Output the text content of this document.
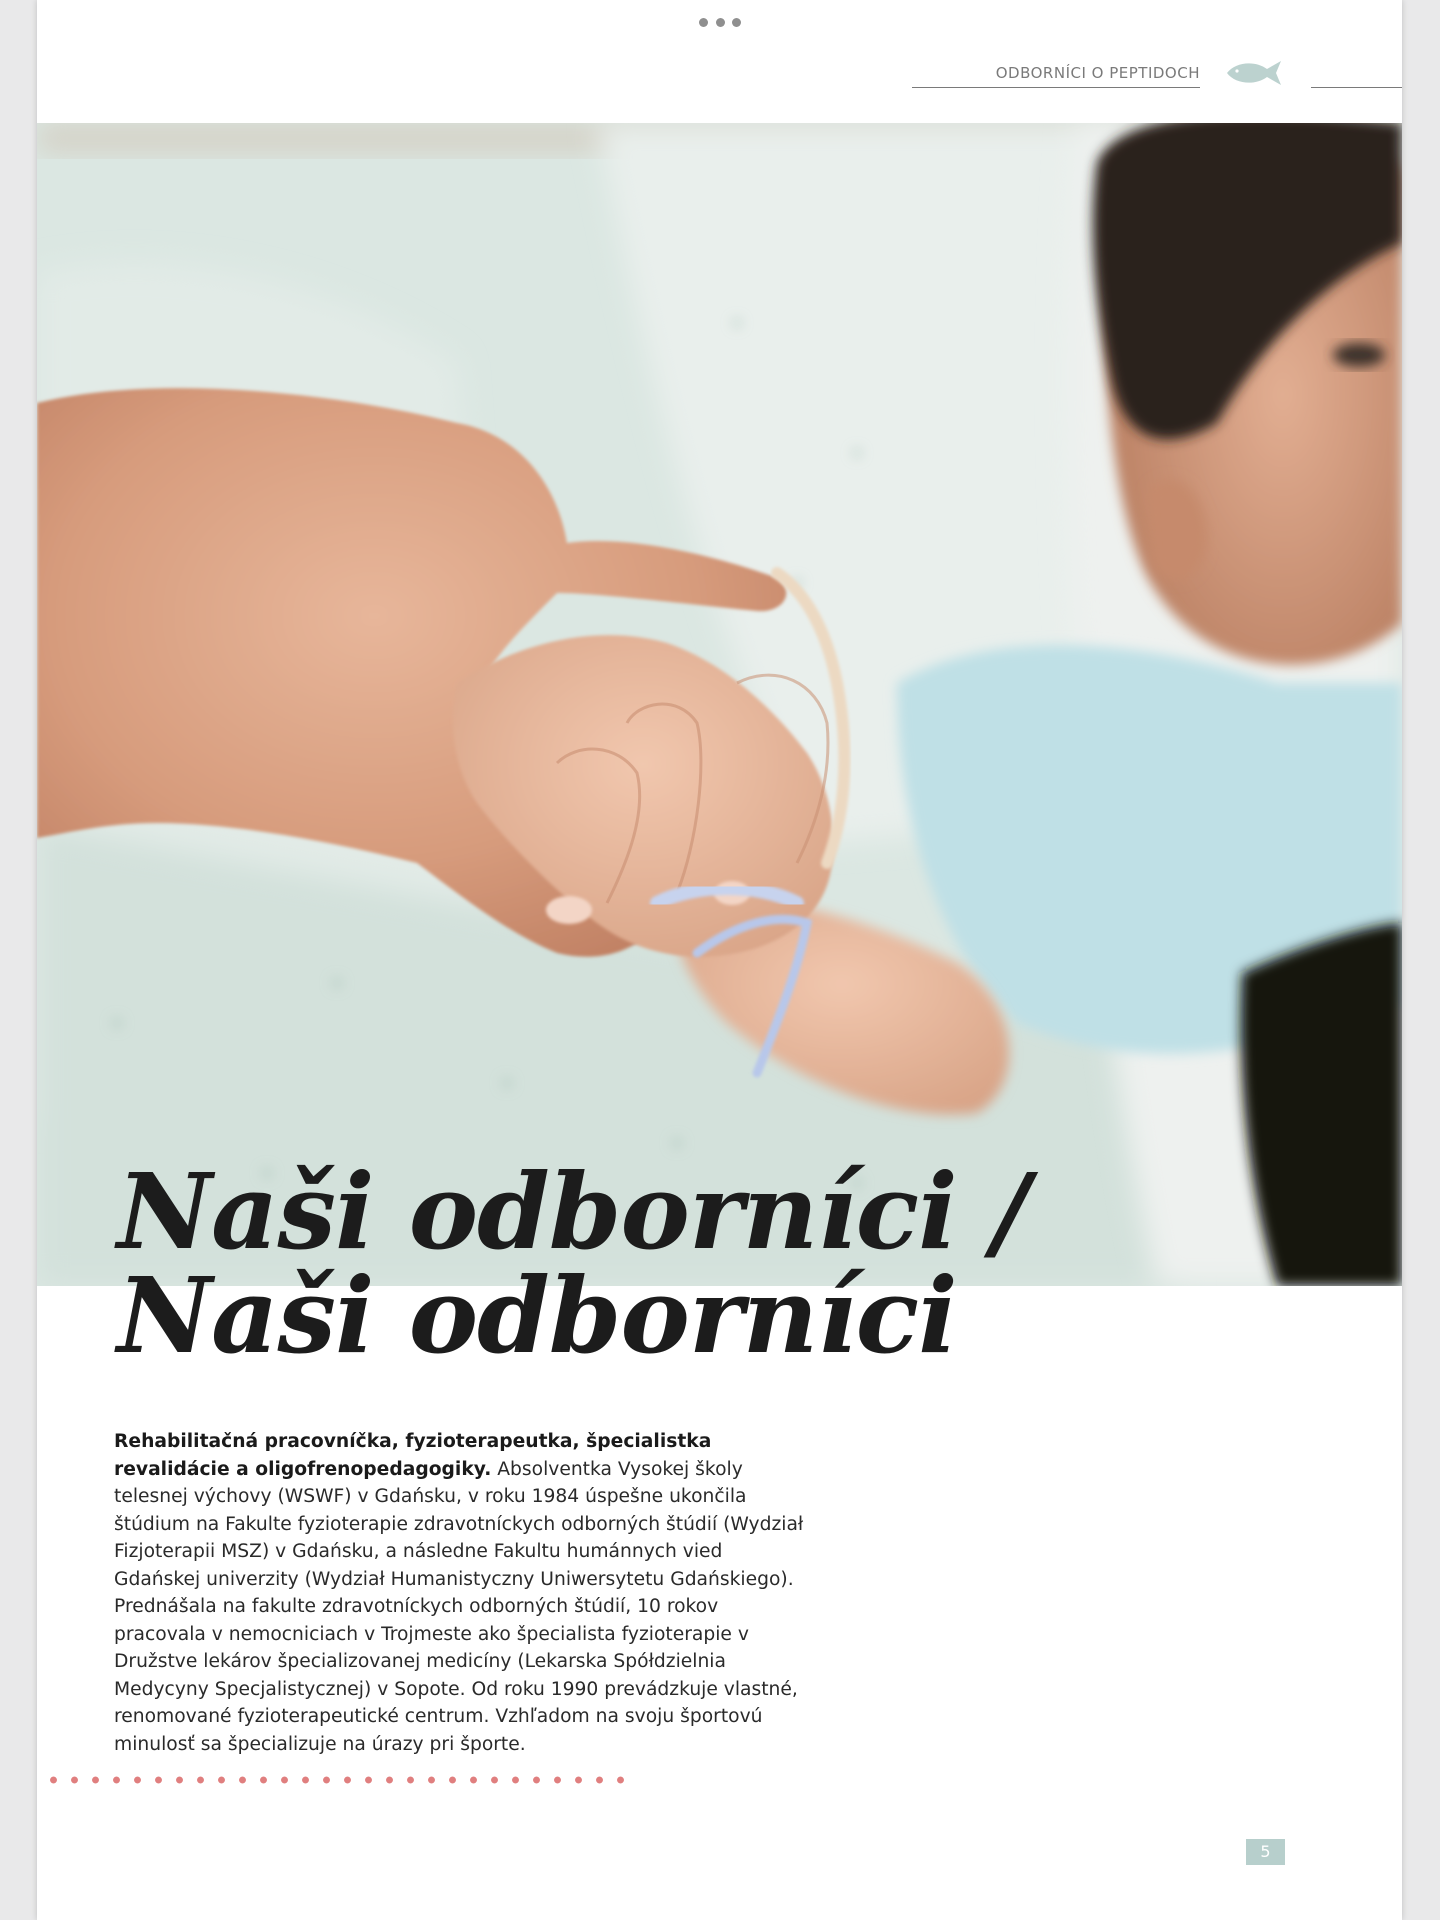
ODBORNÍCI O PEPTIDOCH
Naši odborníci /
Naši odborníci

Rehabilitačná pracovníčka, fyzioterapeutka, špecialistka revalidácie a oligofrenopedagogiky. Absolventka Vysokej školy telesnej výchovy (WSWF) v Gdańsku, v roku 1984 úspešne ukončila štúdium na Fakulte fyzioterapie zdravotníckych odborných štúdií (Wydział Fizjoterapii MSZ) v Gdańsku, a následne Fakultu humánnych vied Gdańskej univerzity (Wydział Humanistyczny Uniwersytetu Gdańskiego). Prednášala na fakulte zdravotníckych odborných štúdií, 10 rokov pracovala v nemocniciach v Trojmeste ako špecialista fyzioterapie v Družstve lekárov špecializovanej medicíny (Lekarska Spółdzielnia Medycyny Specjalistycznej) v Sopote. Od roku 1990 prevádzkuje vlastné, renomované fyzioterapeutické centrum. Vzhľadom na svoju športovú minulosť sa špecializuje na úrazy pri športe.

5
